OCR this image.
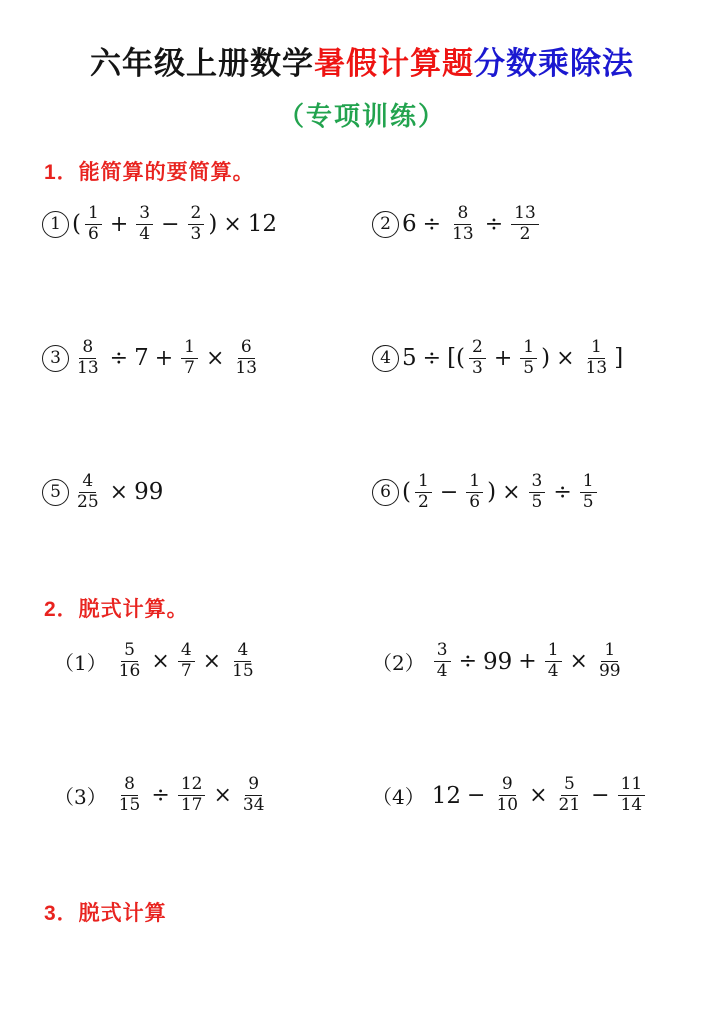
六年级上册数学暑假计算题分数乘除法
（专项训练）
1．能简算的要简算。
1 ( $\frac{1}{6} + \frac{3}{4} - \frac{2}{3}$ ) × 12	2 $6 \div \frac{8}{13} \div \frac{13}{2}$
$3 \frac{8}{13} \div 7 + \frac{1}{7} \times \frac{6}{13}$	4 5 ÷ [( $\frac{2}{3} + \frac{1}{5}$ ) × $\frac{1}{13}$ ]
$5 \frac{4}{25} \times 99$	6 ( $\frac{1}{2} - \frac{1}{6}$ ) × $\frac{3}{5} \div \frac{1}{5}$
2．脱式计算。
$(1) \frac{5}{16} \times \frac{4}{7} \times \frac{4}{15}$	$(2) \frac{3}{4} \div 99 + \frac{1}{4} \times \frac{1}{99}$
$(3) \frac{8}{15} \div \frac{12}{17} \times \frac{9}{34}$	（4） $12 - \frac{9}{10} \times \frac{5}{21} - \frac{11}{14}$
3．脱式计算
